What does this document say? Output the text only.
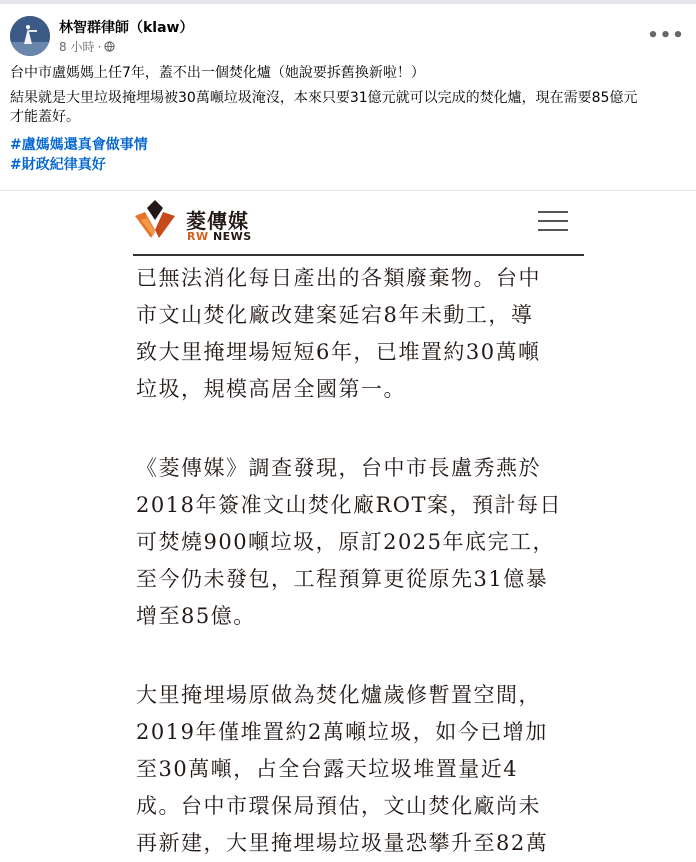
林智群律師（klaw）
8 小時 ·
•••

台中市盧媽媽上任7年，蓋不出一個焚化爐（她說要拆舊換新啦！）

結果就是大里垃圾掩埋場被30萬噸垃圾淹沒，本來只要31億元就可以完成的焚化爐，現在需要85億元
才能蓋好。

#盧媽媽還真會做事情
#財政紀律真好
菱傳媒
RW NEWS
已無法消化每日產出的各類廢棄物。台中
市文山焚化廠改建案延宕8年未動工，導
致大里掩埋場短短6年，已堆置約30萬噸
垃圾，規模高居全國第一。
《菱傳媒》調查發現，台中市長盧秀燕於
2018年簽准文山焚化廠ROT案，預計每日
可焚燒900噸垃圾，原訂2025年底完工，
至今仍未發包，工程預算更從原先31億暴
增至85億。
大里掩埋場原做為焚化爐歲修暫置空間，
2019年僅堆置約2萬噸垃圾，如今已增加
至30萬噸，占全台露天垃圾堆置量近4
成。台中市環保局預估，文山焚化廠尚未
再新建，大里掩埋場垃圾量恐攀升至82萬
